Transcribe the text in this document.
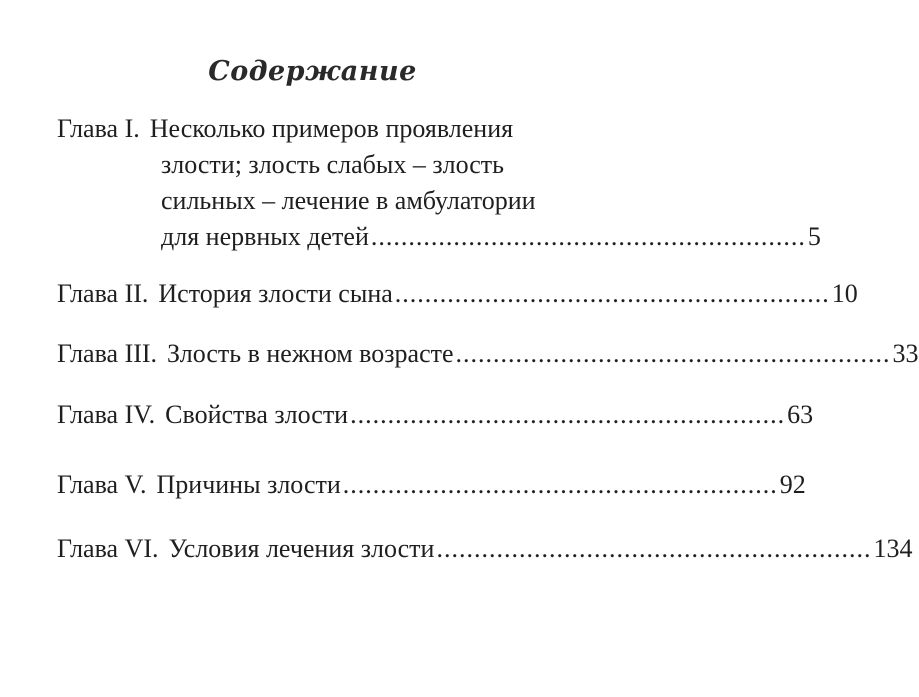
Содержание
Глава I. Несколько примеров проявления
злости; злость слабых – злость
сильных – лечение в амбулатории
для нервных детей .......................................................... 5
Глава II. История злости сына .......................................................... 10
Глава III. Злость в нежном возрасте .......................................................... 33
Глава IV. Свойства злости .......................................................... 63
Глава V. Причины злости .......................................................... 92
Глава VI. Условия лечения злости .......................................................... 134
